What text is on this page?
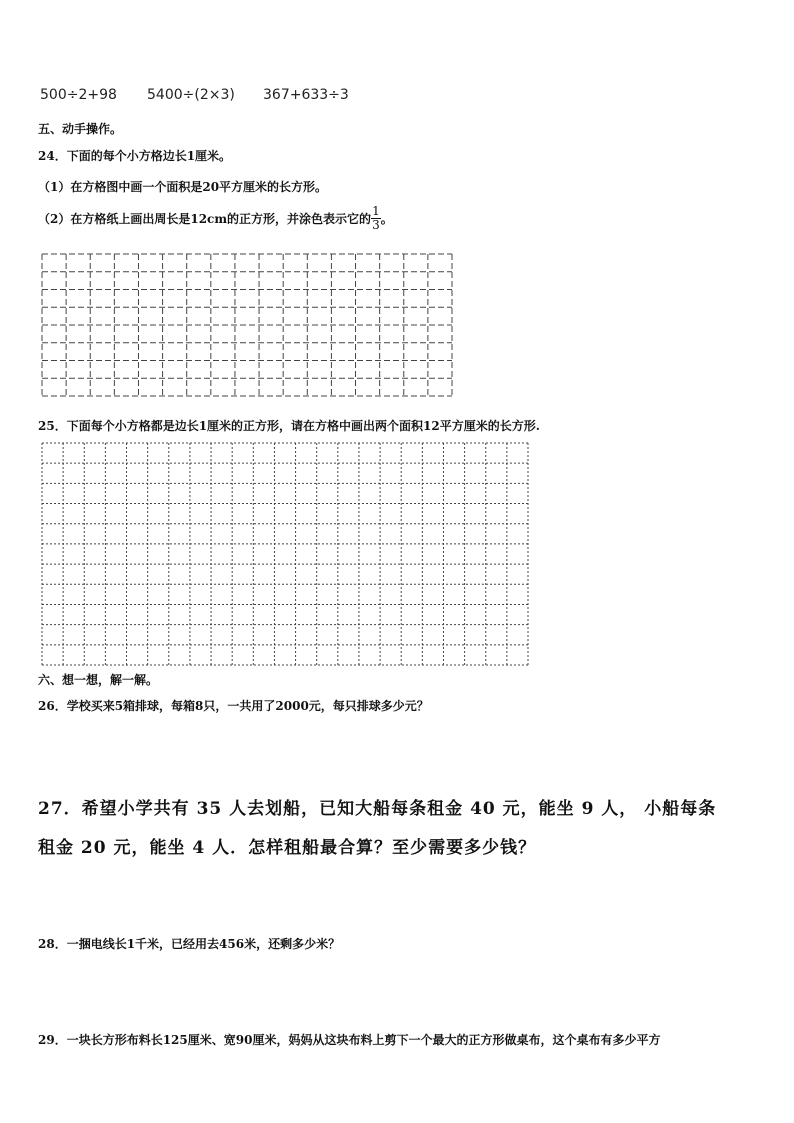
500÷2+98 5400÷(2×3) 367+633÷3
五、动手操作。
24．下面的每个小方格边长1厘米。
（1）在方格图中画一个面积是20平方厘米的长方形。
（2）在方格纸上画出周长是12cm的正方形，并涂色表示它的 $\frac{1}{3}$ 。
25．下面每个小方格都是边长1厘米的正方形，请在方格中画出两个面积12平方厘米的长方形.
六、想一想，解一解。
26．学校买来5箱排球，每箱8只，一共用了2000元，每只排球多少元？
27．希望小学共有 35 人去划船，已知大船每条租金 40 元，能坐 9 人， 小船每条
租金 20 元，能坐 4 人．怎样租船最合算？至少需要多少钱？
28．一捆电线长1千米，已经用去456米，还剩多少米？
29．一块长方形布料长125厘米、宽90厘米，妈妈从这块布料上剪下一个最大的正方形做桌布，这个桌布有多少平方
